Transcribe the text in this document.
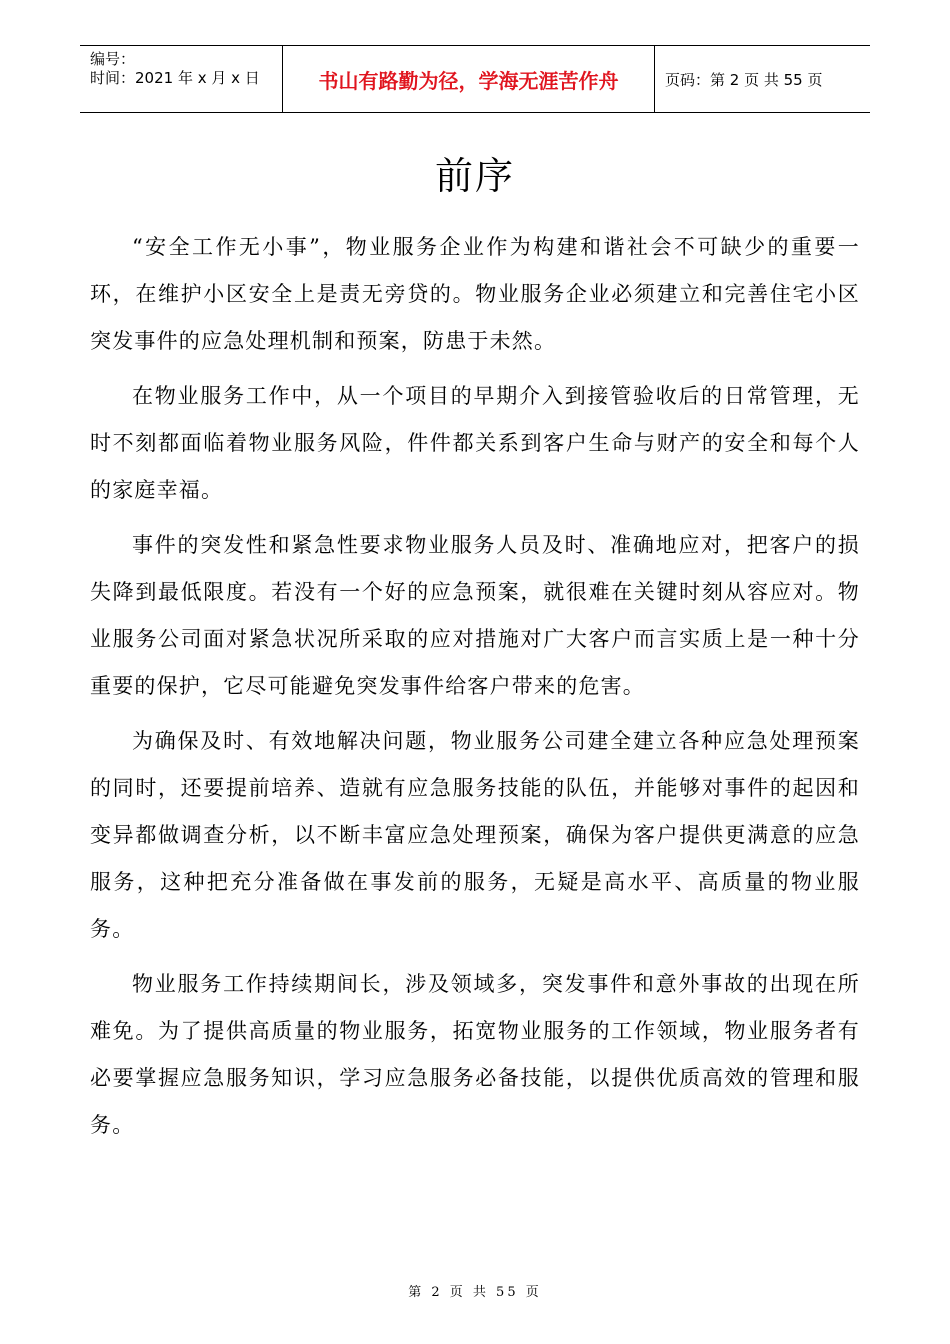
编号：
时间：2021 年 x 月 x 日	书山有路勤为径，学海无涯苦作舟	页码：第 2 页 共 55 页
前序

“安全工作无小事”，物业服务企业作为构建和谐社会不可缺少的重要一环，在维护小区安全上是责无旁贷的。物业服务企业必须建立和完善住宅小区突发事件的应急处理机制和预案，防患于未然。

在物业服务工作中，从一个项目的早期介入到接管验收后的日常管理，无时不刻都面临着物业服务风险，件件都关系到客户生命与财产的安全和每个人的家庭幸福。

事件的突发性和紧急性要求物业服务人员及时、准确地应对，把客户的损失降到最低限度。若没有一个好的应急预案，就很难在关键时刻从容应对。物业服务公司面对紧急状况所采取的应对措施对广大客户而言实质上是一种十分重要的保护，它尽可能避免突发事件给客户带来的危害。

为确保及时、有效地解决问题，物业服务公司建全建立各种应急处理预案的同时，还要提前培养、造就有应急服务技能的队伍，并能够对事件的起因和变异都做调查分析，以不断丰富应急处理预案，确保为客户提供更满意的应急服务，这种把充分准备做在事发前的服务，无疑是高水平、高质量的物业服务。

物业服务工作持续期间长，涉及领域多，突发事件和意外事故的出现在所难免。为了提供高质量的物业服务，拓宽物业服务的工作领域，物业服务者有必要掌握应急服务知识，学习应急服务必备技能，以提供优质高效的管理和服务。

第 2 页 共 55 页
